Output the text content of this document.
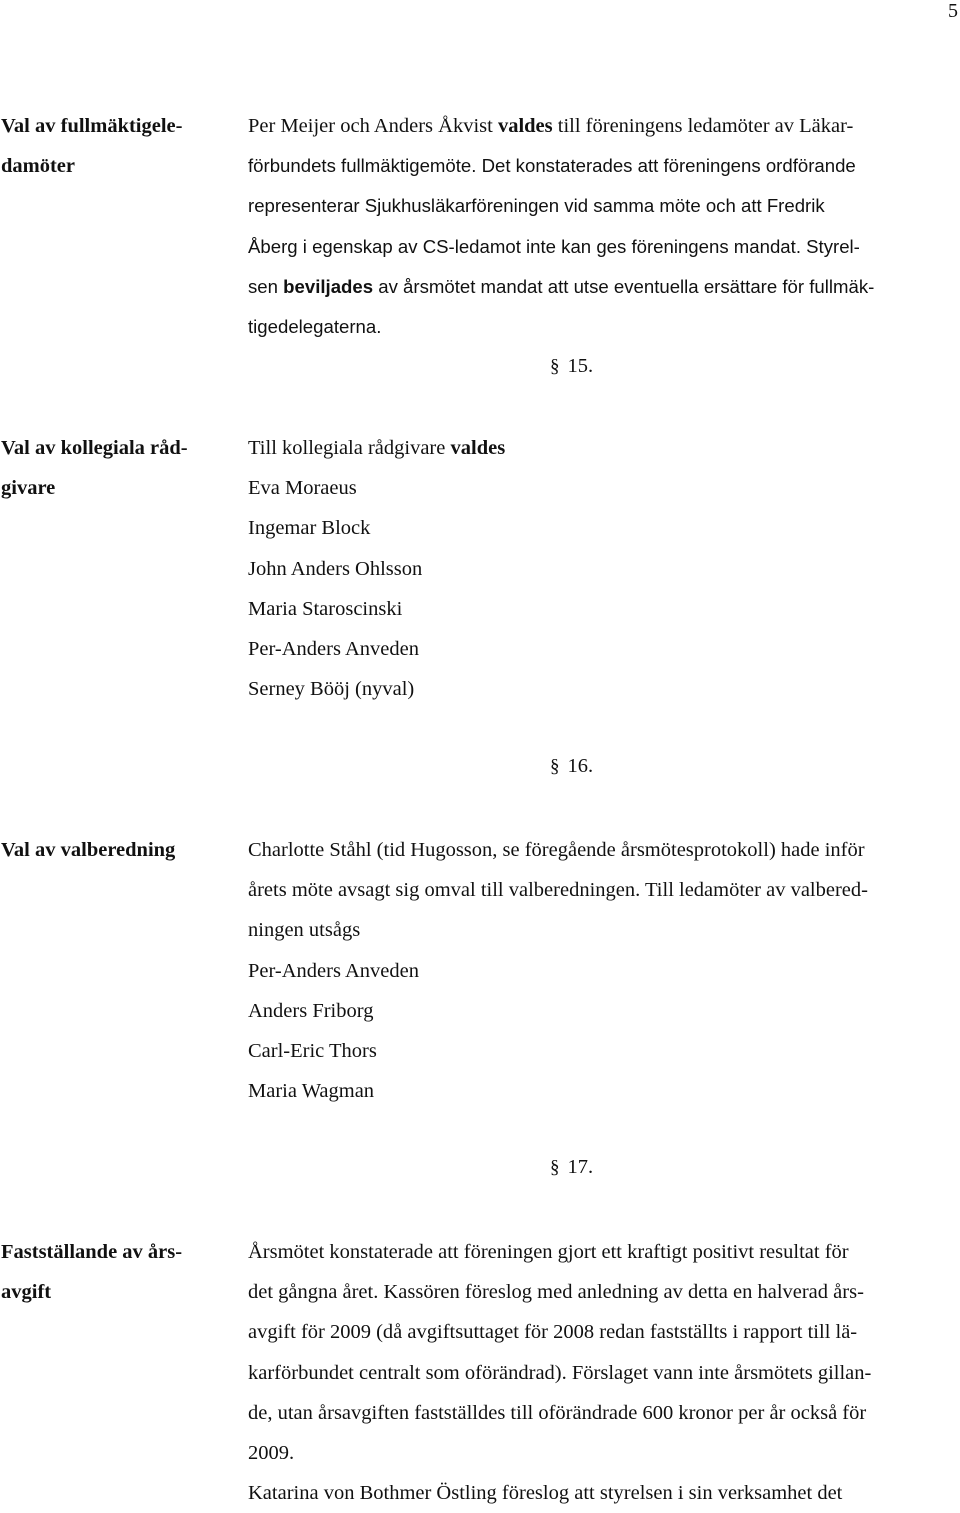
5
Val av fullmäktigele-
damöter
Per Meijer och Anders Åkvist valdes till föreningens ledamöter av Läkar-
förbundets fullmäktigemöte. Det konstaterades att föreningens ordförande
representerar Sjukhusläkarföreningen vid samma möte och att Fredrik
Åberg i egenskap av CS-ledamot inte kan ges föreningens mandat. Styrel-
sen beviljades av årsmötet mandat att utse eventuella ersättare för fullmäk-
tigedelegaterna.
§ 15.
Val av kollegiala råd-
givare
Till kollegiala rådgivare valdes
Eva Moraeus
Ingemar Block
John Anders Ohlsson
Maria Staroscinski
Per-Anders Anveden
Serney Bööj (nyval)
§ 16.
Val av valberedning	Charlotte Ståhl (tid Hugosson, se föregående årsmötesprotokoll) hade inför
årets möte avsagt sig omval till valberedningen. Till ledamöter av valbered-
ningen utsågs
Per-Anders Anveden
Anders Friborg
Carl-Eric Thors
Maria Wagman
§ 17.
Fastställande av års-
avgift
Årsmötet konstaterade att föreningen gjort ett kraftigt positivt resultat för
det gångna året. Kassören föreslog med anledning av detta en halverad års-
avgift för 2009 (då avgiftsuttaget för 2008 redan fastställts i rapport till lä-
karförbundet centralt som oförändrad). Förslaget vann inte årsmötets gillan-
de, utan årsavgiften fastställdes till oförändrade 600 kronor per år också för
2009.
Katarina von Bothmer Östling föreslog att styrelsen i sin verksamhet det
